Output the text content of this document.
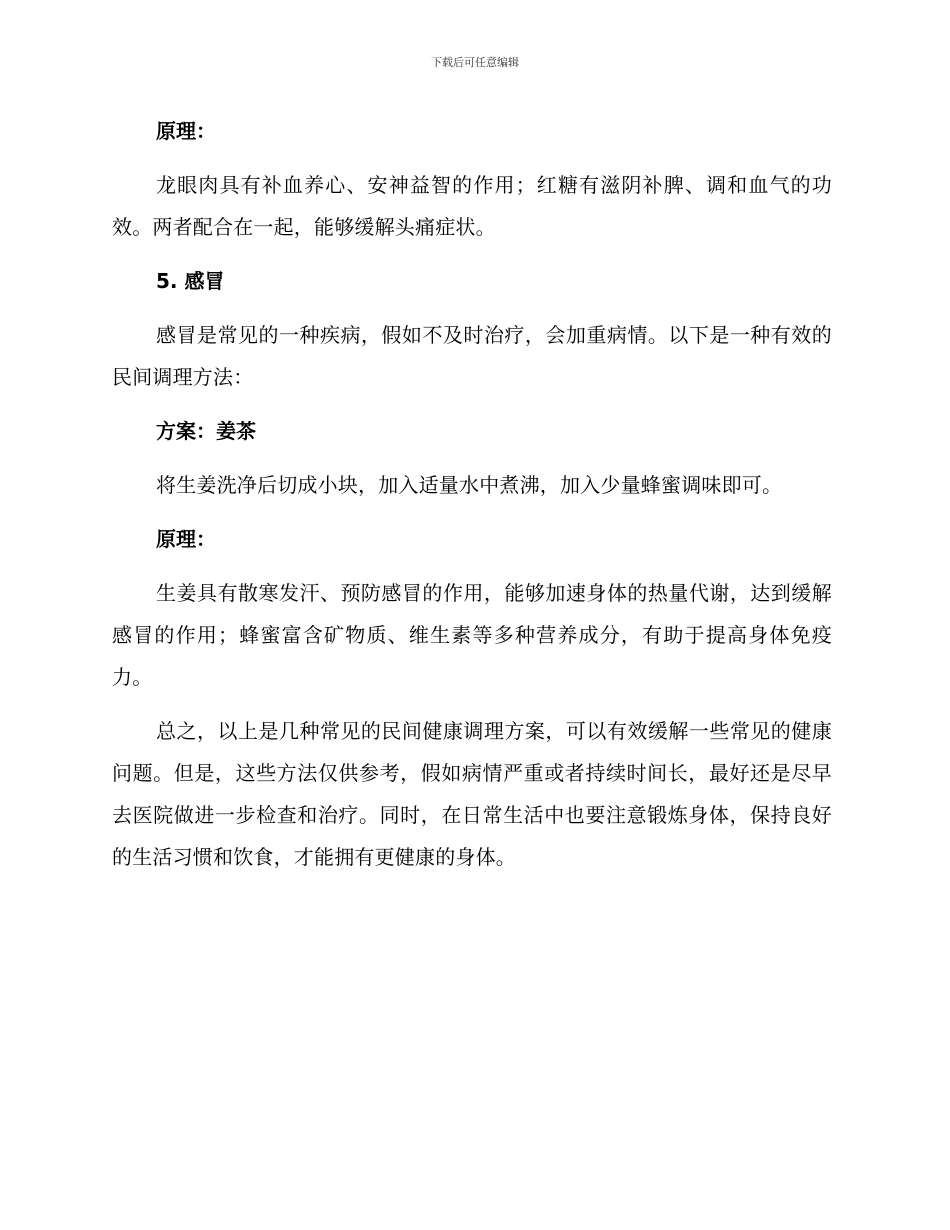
下载后可任意编辑
原理：

龙眼肉具有补血养心、安神益智的作用；红糖有滋阴补脾、调和血气的功效。两者配合在一起，能够缓解头痛症状。

5. 感冒

感冒是常见的一种疾病，假如不及时治疗，会加重病情。以下是一种有效的民间调理方法：

方案：姜茶

将生姜洗净后切成小块，加入适量水中煮沸，加入少量蜂蜜调味即可。

原理：

生姜具有散寒发汗、预防感冒的作用，能够加速身体的热量代谢，达到缓解感冒的作用；蜂蜜富含矿物质、维生素等多种营养成分，有助于提高身体免疫力。

总之，以上是几种常见的民间健康调理方案，可以有效缓解一些常见的健康问题。但是，这些方法仅供参考，假如病情严重或者持续时间长，最好还是尽早去医院做进一步检查和治疗。同时，在日常生活中也要注意锻炼身体，保持良好的生活习惯和饮食，才能拥有更健康的身体。
